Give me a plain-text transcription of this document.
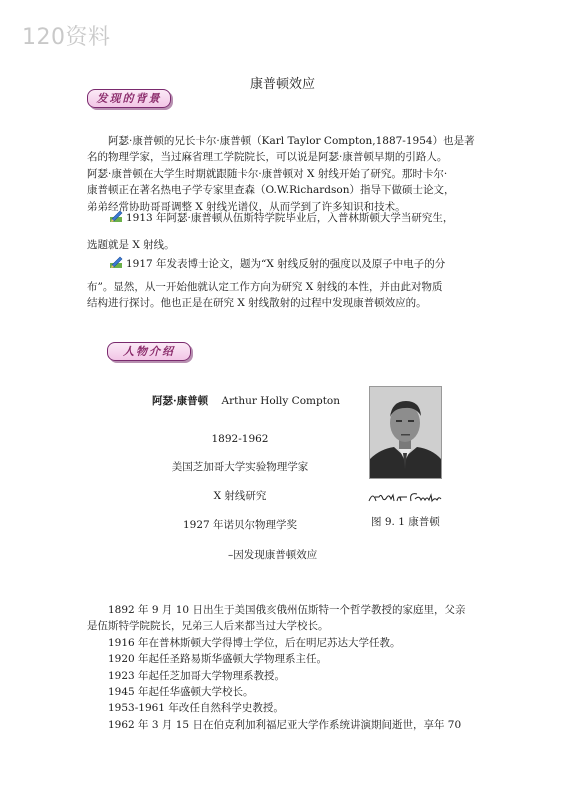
120资料
康普顿效应
发现的背景
阿瑟·康普顿的兄长卡尔·康普顿（Karl Taylor Compton,1887-1954）也是著
名的物理学家，当过麻省理工学院院长，可以说是阿瑟·康普顿早期的引路人。
阿瑟·康普顿在大学生时期就跟随卡尔·康普顿对 X 射线开始了研究。那时卡尔·
康普顿正在著名热电子学专家里查森（O.W.Richardson）指导下做硕士论文，
弟弟经常协助哥哥调整 X 射线光谱仪，从而学到了许多知识和技术。
1913 年阿瑟·康普顿从伍斯特学院毕业后，入普林斯顿大学当研究生，
选题就是 X 射线。
1917 年发表博士论文，题为“X 射线反射的强度以及原子中电子的分
布”。显然，从一开始他就认定工作方向为研究 X 射线的本性，并由此对物质
结构进行探讨。他也正是在研究 X 射线散射的过程中发现康普顿效应的。
人物介绍
阿瑟·康普顿 Arthur Holly Compton
1892-1962
美国芝加哥大学实验物理学家
X 射线研究
1927 年诺贝尔物理学奖
–因发现康普顿效应
图 9. 1 康普顿
1892 年 9 月 10 日出生于美国俄亥俄州伍斯特一个哲学教授的家庭里，父亲
是伍斯特学院院长，兄弟三人后来都当过大学校长。
1916 年在普林斯顿大学得博士学位，后在明尼苏达大学任教。
1920 年起任圣路易斯华盛顿大学物理系主任。
1923 年起任芝加哥大学物理系教授。
1945 年起任华盛顿大学校长。
1953-1961 年改任自然科学史教授。
1962 年 3 月 15 日在伯克利加利福尼亚大学作系统讲演期间逝世，享年 70
